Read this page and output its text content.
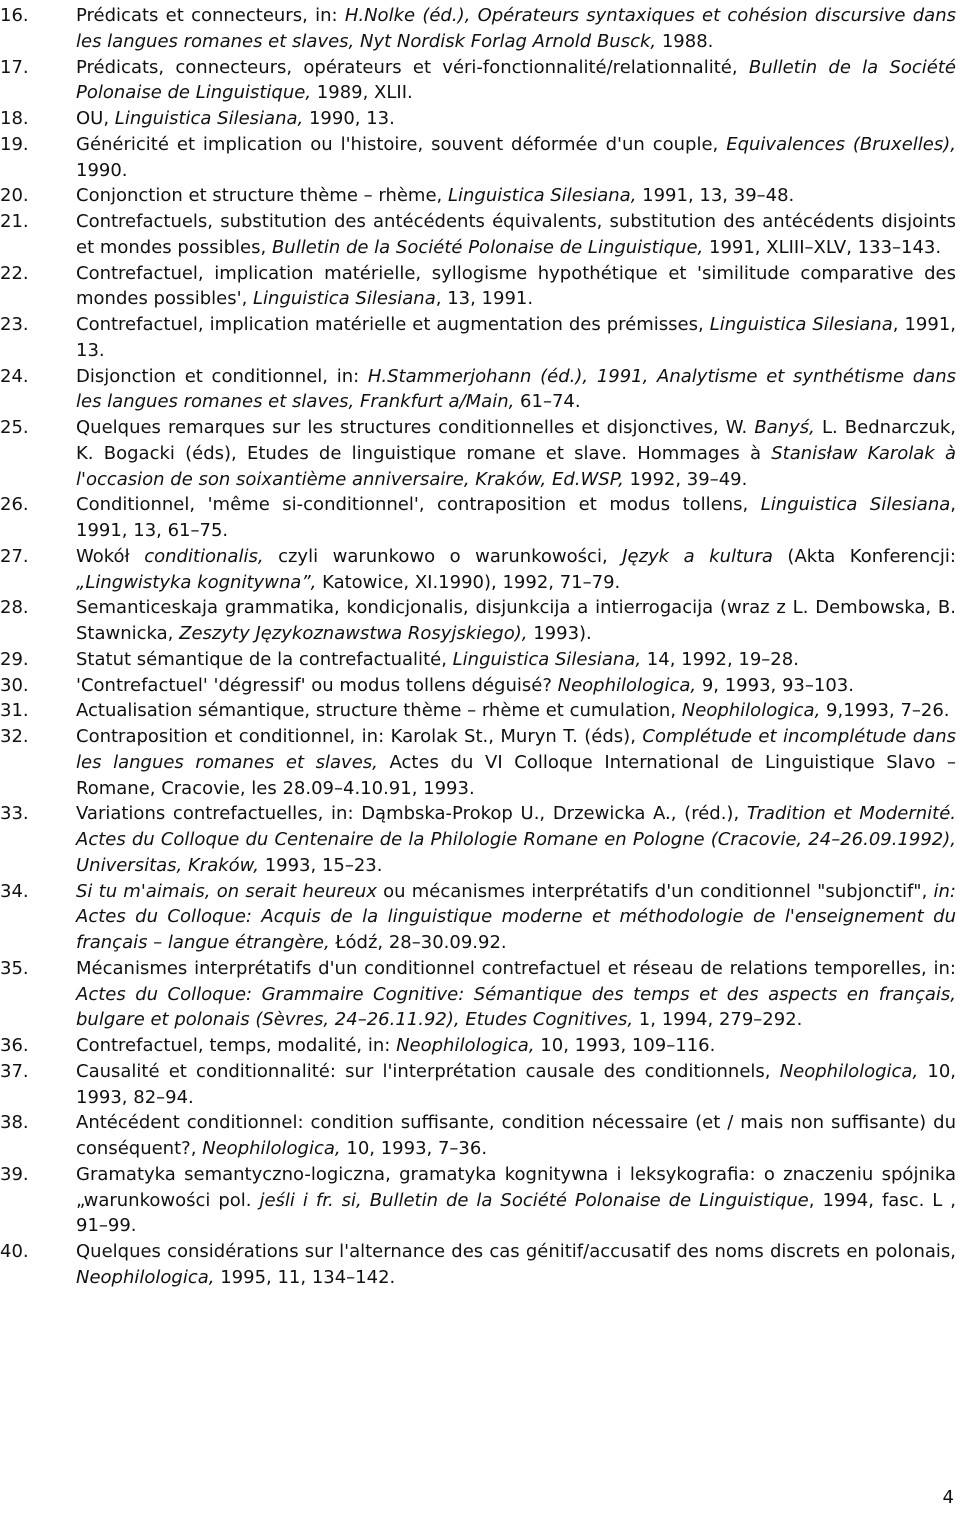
16.	Prédicats et connecteurs, in: H.Nolke (éd.), Opérateurs syntaxiques et cohésion discursive dans les langues romanes et slaves, Nyt Nordisk Forlag Arnold Busck, 1988.
17.	Prédicats, connecteurs, opérateurs et véri-fonctionnalité/relationnalité, Bulletin de la Société Polonaise de Linguistique, 1989, XLII.
18.	OU, Linguistica Silesiana, 1990, 13.
19.	Généricité et implication ou l'histoire, souvent déformée d'un couple, Equivalences (Bruxelles), 1990.
20.	Conjonction et structure thème – rhème, Linguistica Silesiana, 1991, 13, 39–48.
21.	Contrefactuels, substitution des antécédents équivalents, substitution des antécédents disjoints et mondes possibles, Bulletin de la Société Polonaise de Linguistique, 1991, XLIII–XLV, 133–143.
22.	Contrefactuel, implication matérielle, syllogisme hypothétique et 'similitude comparative des mondes possibles', Linguistica Silesiana, 13, 1991.
23.	Contrefactuel, implication matérielle et augmentation des prémisses, Linguistica Silesiana, 1991, 13.
24.	Disjonction et conditionnel, in: H.Stammerjohann (éd.), 1991, Analytisme et synthétisme dans les langues romanes et slaves, Frankfurt a/Main, 61–74.
25.	Quelques remarques sur les structures conditionnelles et disjonctives, W. Banyś, L. Bednarczuk, K. Bogacki (éds), Etudes de linguistique romane et slave. Hommages à Stanisław Karolak à l'occasion de son soixantième anniversaire, Kraków, Ed.WSP, 1992, 39–49.
26.	Conditionnel, 'même si-conditionnel', contraposition et modus tollens, Linguistica Silesiana, 1991, 13, 61–75.
27.	Wokół conditionalis, czyli warunkowo o warunkowości, Język a kultura (Akta Konferencji: „Lingwistyka kognitywna”, Katowice, XI.1990), 1992, 71–79.
28.	Semanticeskaja grammatika, kondicjonalis, disjunkcija a intierrogacija (wraz z L. Dembowska, B. Stawnicka, Zeszyty Językoznawstwa Rosyjskiego), 1993).
29.	Statut sémantique de la contrefactualité, Linguistica Silesiana, 14, 1992, 19–28.
30.	'Contrefactuel' 'dégressif' ou modus tollens déguisé? Neophilologica, 9, 1993, 93–103.
31.	Actualisation sémantique, structure thème – rhème et cumulation, Neophilologica, 9,1993, 7–26.
32.	Contraposition et conditionnel, in: Karolak St., Muryn T. (éds), Complétude et incomplétude dans les langues romanes et slaves, Actes du VI Colloque International de Linguistique Slavo – Romane, Cracovie, les 28.09–4.10.91, 1993.
33.	Variations contrefactuelles, in: Dąmbska-Prokop U., Drzewicka A., (réd.), Tradition et Modernité. Actes du Colloque du Centenaire de la Philologie Romane en Pologne (Cracovie, 24–26.09.1992), Universitas, Kraków, 1993, 15–23.
34.	Si tu m'aimais, on serait heureux ou mécanismes interprétatifs d'un conditionnel "subjonctif", in: Actes du Colloque: Acquis de la linguistique moderne et méthodologie de l'enseignement du français – langue étrangère, Łódź, 28–30.09.92.
35.	Mécanismes interprétatifs d'un conditionnel contrefactuel et réseau de relations temporelles, in: Actes du Colloque: Grammaire Cognitive: Sémantique des temps et des aspects en français, bulgare et polonais (Sèvres, 24–26.11.92), Etudes Cognitives, 1, 1994, 279–292.
36.	Contrefactuel, temps, modalité, in: Neophilologica, 10, 1993, 109–116.
37.	Causalité et conditionnalité: sur l'interprétation causale des conditionnels, Neophilologica, 10, 1993, 82–94.
38.	Antécédent conditionnel: condition suffisante, condition nécessaire (et / mais non suffisante) du conséquent?, Neophilologica, 10, 1993, 7–36.
39.	Gramatyka semantyczno-logiczna, gramatyka kognitywna i leksykografia: o znaczeniu spójnika „warunkowości pol. jeśli i fr. si, Bulletin de la Société Polonaise de Linguistique, 1994, fasc. L , 91–99.
40.	Quelques considérations sur l'alternance des cas génitif/accusatif des noms discrets en polonais, Neophilologica, 1995, 11, 134–142.
4
